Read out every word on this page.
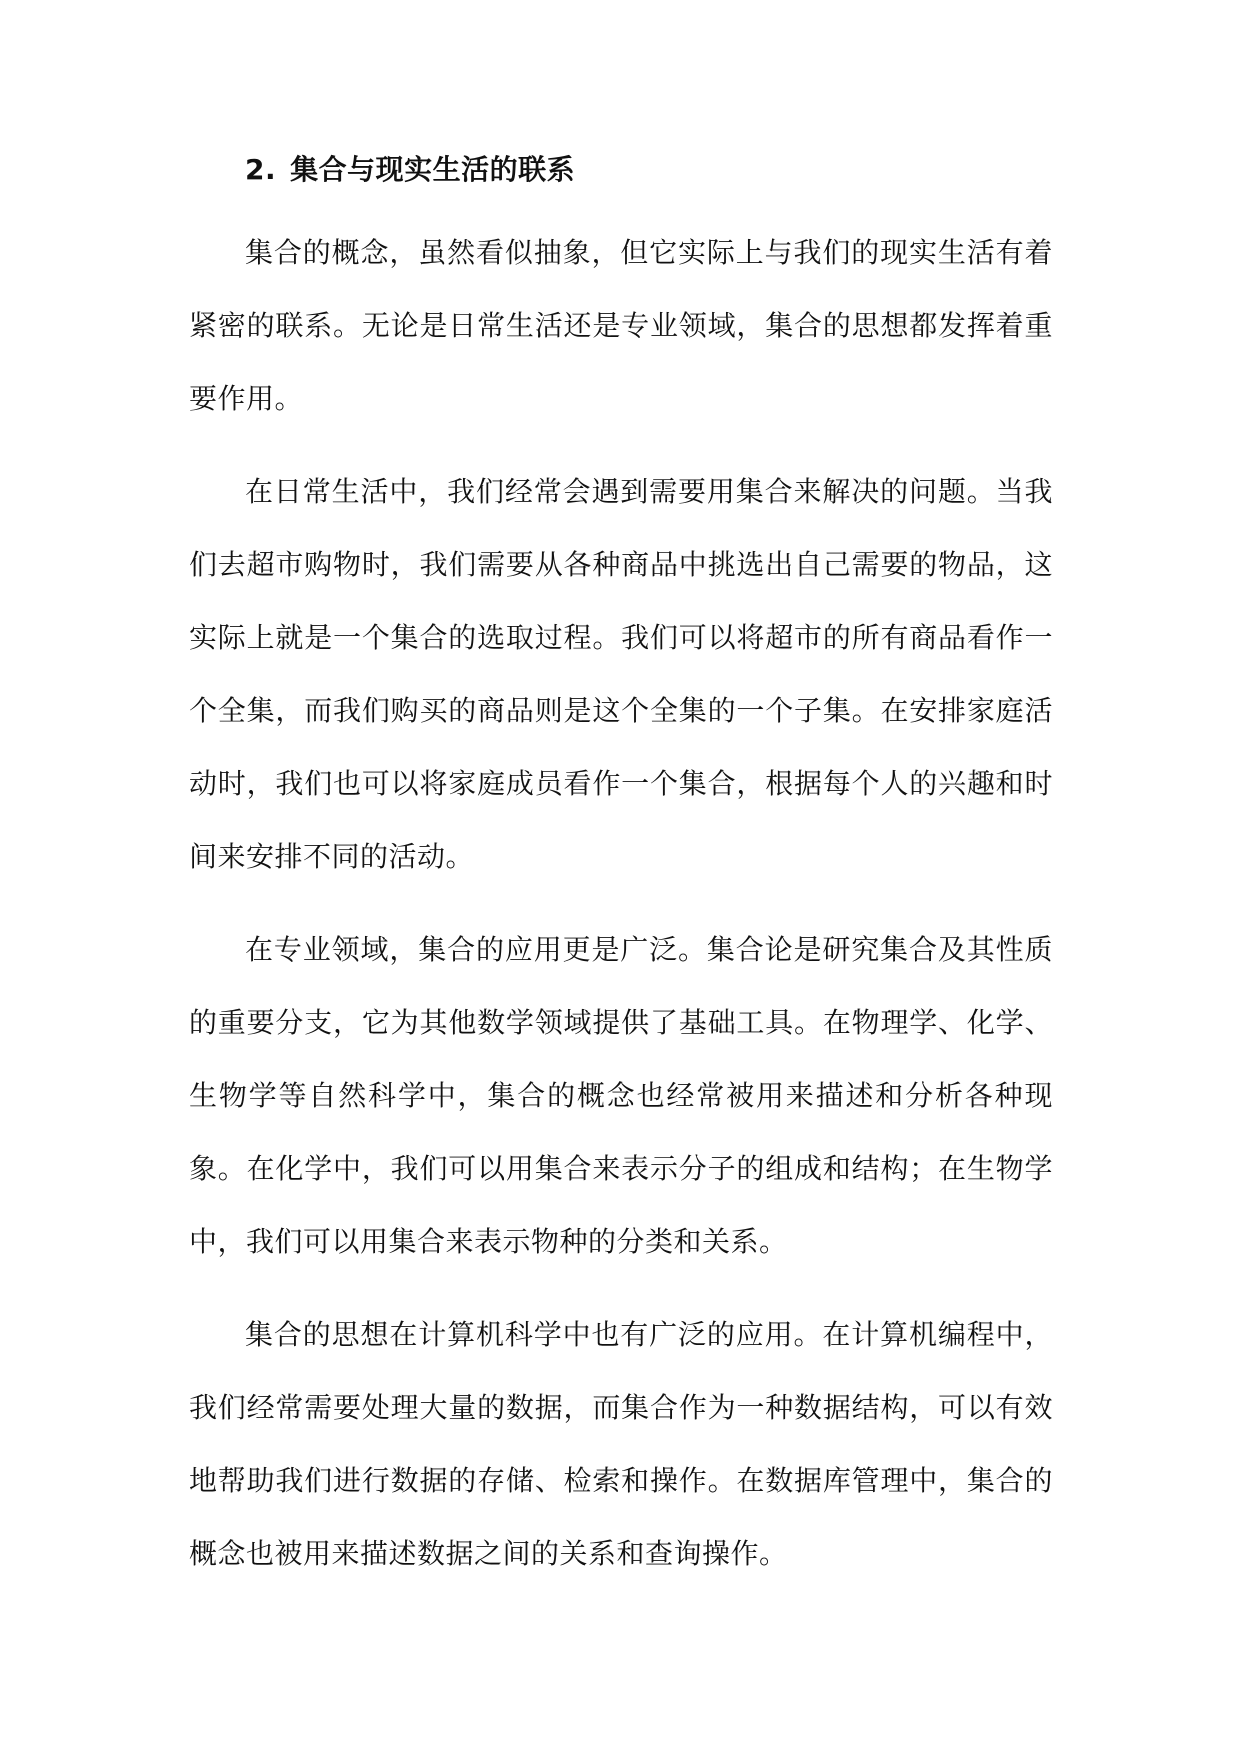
2. 集合与现实生活的联系

集合的概念，虽然看似抽象，但它实际上与我们的现实生活有着紧密的联系。无论是日常生活还是专业领域，集合的思想都发挥着重要作用。

在日常生活中，我们经常会遇到需要用集合来解决的问题。当我们去超市购物时，我们需要从各种商品中挑选出自己需要的物品，这实际上就是一个集合的选取过程。我们可以将超市的所有商品看作一个全集，而我们购买的商品则是这个全集的一个子集。在安排家庭活动时，我们也可以将家庭成员看作一个集合，根据每个人的兴趣和时间来安排不同的活动。

在专业领域，集合的应用更是广泛。集合论是研究集合及其性质的重要分支，它为其他数学领域提供了基础工具。在物理学、化学、生物学等自然科学中，集合的概念也经常被用来描述和分析各种现象。在化学中，我们可以用集合来表示分子的组成和结构；在生物学中，我们可以用集合来表示物种的分类和关系。

集合的思想在计算机科学中也有广泛的应用。在计算机编程中，我们经常需要处理大量的数据，而集合作为一种数据结构，可以有效地帮助我们进行数据的存储、检索和操作。在数据库管理中，集合的概念也被用来描述数据之间的关系和查询操作。
